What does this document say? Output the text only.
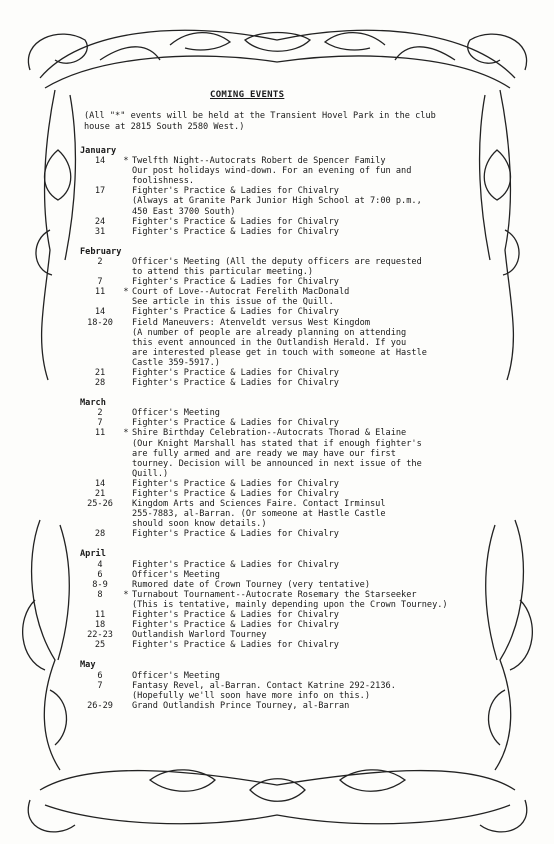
COMING EVENTS
(All "*" events will be held at the Transient Hovel Park in the club house at 2815 South 2580 West.)
January
14	* Twelfth Night--Autocrats Robert de Spencer Family
Our post holidays wind-down. For an evening of fun and
foolishness.
17	Fighter's Practice & Ladies for Chivalry
(Always at Granite Park Junior High School at 7:00 p.m.,
450 East 3700 South)
24	Fighter's Practice & Ladies for Chivalry
31	Fighter's Practice & Ladies for Chivalry
February
2	Officer's Meeting (All the deputy officers are requested
to attend this particular meeting.)
7	Fighter's Practice & Ladies for Chivalry
11	* Court of Love--Autocrat Ferelith MacDonald
See article in this issue of the Quill.
14	Fighter's Practice & Ladies for Chivalry
18-20	Field Maneuvers: Atenveldt versus West Kingdom
(A number of people are already planning on attending
this event announced in the Outlandish Herald. If you
are interested please get in touch with someone at Hastle
Castle 359-5917.)
21	Fighter's Practice & Ladies for Chivalry
28	Fighter's Practice & Ladies for Chivalry
March
2	Officer's Meeting
7	Fighter's Practice & Ladies for Chivalry
11	* Shire Birthday Celebration--Autocrats Thorad & Elaine
(Our Knight Marshall has stated that if enough fighter's
are fully armed and are ready we may have our first
tourney. Decision will be announced in next issue of the
Quill.)
14	Fighter's Practice & Ladies for Chivalry
21	Fighter's Practice & Ladies for Chivalry
25-26	Kingdom Arts and Sciences Faire. Contact Irminsul
255-7883, al-Barran. (Or someone at Hastle Castle
should soon know details.)
28	Fighter's Practice & Ladies for Chivalry
April
4	Fighter's Practice & Ladies for Chivalry
6	Officer's Meeting
8-9	Rumored date of Crown Tourney (very tentative)
8	* Turnabout Tournament--Autocrate Rosemary the Starseeker
(This is tentative, mainly depending upon the Crown Tourney.)
11	Fighter's Practice & Ladies for Chivalry
18	Fighter's Practice & Ladies for Chivalry
22-23	Outlandish Warlord Tourney
25	Fighter's Practice & Ladies for Chivalry
May
6	Officer's Meeting
7	Fantasy Revel, al-Barran. Contact Katrine 292-2136.
(Hopefully we'll soon have more info on this.)
26-29	Grand Outlandish Prince Tourney, al-Barran
